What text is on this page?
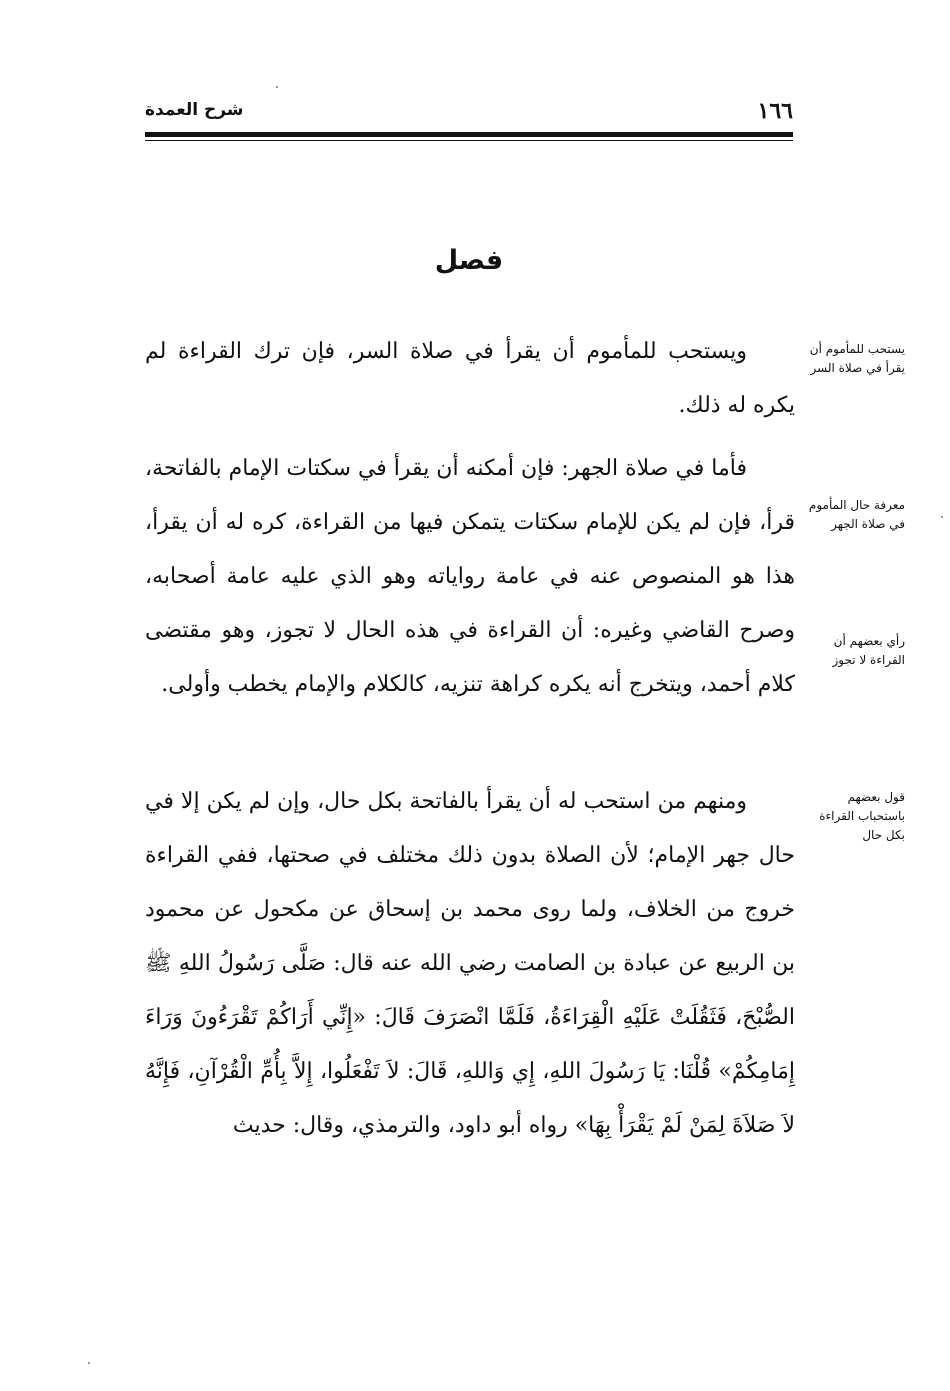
١٦٦
شرح العمدة
فصل
يستحب للمأموم أن يقرأ في صلاة السر
معرفة حال المأموم في صلاة الجهر
رأي بعضهم أن القراءة لا تجوز
قول بعضهم باستحباب القراءة بكل حال

ويستحب للمأموم أن يقرأ في صلاة السر، فإن ترك القراءة لم يكره له ذلك.

فأما في صلاة الجهر: فإن أمكنه أن يقرأ في سكتات الإمام بالفاتحة، قرأ، فإن لم يكن للإمام سكتات يتمكن فيها من القراءة، كره له أن يقرأ، هذا هو المنصوص عنه في عامة رواياته وهو الذي عليه عامة أصحابه، وصرح القاضي وغيره: أن القراءة في هذه الحال لا تجوز، وهو مقتضى كلام أحمد، ويتخرج أنه يكره كراهة تنزيه، كالكلام والإمام يخطب وأولى.

ومنهم من استحب له أن يقرأ بالفاتحة بكل حال، وإن لم يكن إلا في حال جهر الإمام؛ لأن الصلاة بدون ذلك مختلف في صحتها، ففي القراءة خروج من الخلاف، ولما روى محمد بن إسحاق عن مكحول عن محمود بن الربيع عن عبادة بن الصامت رضي الله عنه قال: صَلَّى رَسُولُ اللهِ ﷺ الصُّبْحَ، فَثَقُلَتْ عَلَيْهِ الْقِرَاءَةُ، فَلَمَّا انْصَرَفَ قَالَ: «إِنِّي أَرَاكُمْ تَقْرَءُونَ وَرَاءَ إِمَامِكُمْ» قُلْنَا: يَا رَسُولَ اللهِ، إِي وَاللهِ، قَالَ: لاَ تَفْعَلُوا، إِلاَّ بِأُمِّ الْقُرْآنِ، فَإِنَّهُ لاَ صَلاَةَ لِمَنْ لَمْ يَقْرَأْ بِهَا» رواه أبو داود، والترمذي، وقال: حديث
